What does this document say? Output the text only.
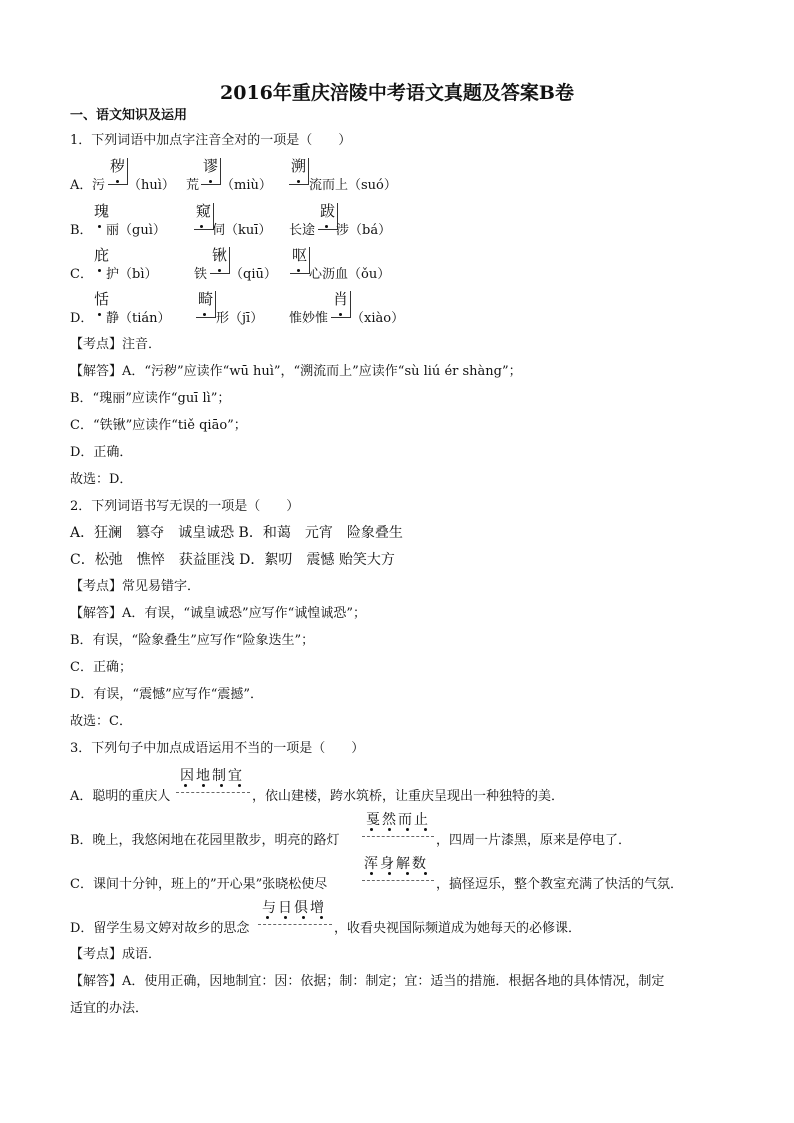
2016年重庆涪陵中考语文真题及答案B卷
一、语文知识及运用
1．下列词语中加点字注音全对的一项是（　　）
A．
秽
污 （huì） 荒
谬
（miù）
溯
流而上（suó）
B．
瑰
丽（guì）
窥
伺（kuī） 长途
跋
涉（bá）
C．
庇
护（bì）	铁
锹
（qiū）
呕
心沥血（ǒu）
D．
恬
静（tián）
畸
形（jī） 惟妙惟
肖
（xiào）
【考点】注音．
【解答】A．“污秽”应读作“wū huì”，“溯流而上”应读作“sù liú ér shàng”；
B．“瑰丽”应读作“guī lì”；
C．“铁锹”应读作“tiě qiāo”；
D．正确．
故选：D．
2．下列词语书写无误的一项是（　　）
A．狂澜　篡夺　诚皇诚恐 B．和蔼　元宵　险象叠生
C．松弛　憔悴　获益匪浅 D．絮叨　震憾 贻笑大方
【考点】常见易错字．
【解答】A．有误，“诚皇诚恐”应写作“诚惶诚恐”；
B．有误，“险象叠生”应写作“险象迭生”；
C．正确；
D．有误，“震憾”应写作“震撼”．
故选：C．
3．下列句子中加点成语运用不当的一项是（　　）
因地制宜
A．聪明的重庆人	，依山建楼，跨水筑桥，让重庆呈现出一种独特的美．
戛然而止
B．晚上，我悠闲地在花园里散步，明亮的路灯	，四周一片漆黑，原来是停电了．
浑身解数
C．课间十分钟，班上的”开心果”张晓松使尽	，搞怪逗乐，整个教室充满了快活的气氛．
与日俱增
D．留学生易文婷对故乡的思念	，收看央视国际频道成为她每天的必修课．
【考点】成语．
【解答】A．使用正确，因地制宜：因：依据；制：制定；宜：适当的措施．根据各地的具体情况，制定
适宜的办法．
